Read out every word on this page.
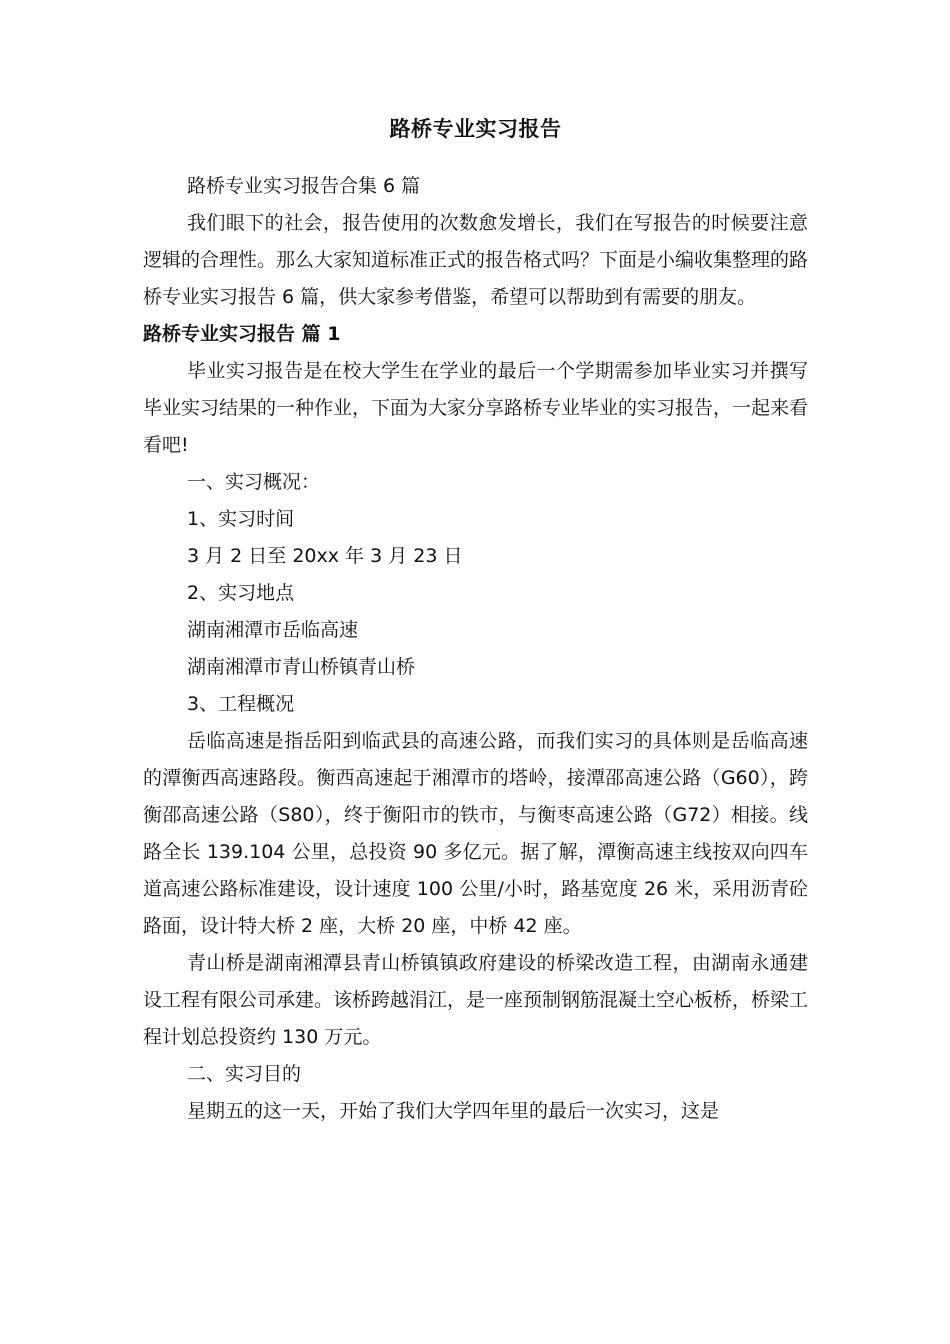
路桥专业实习报告

路桥专业实习报告合集 6 篇

我们眼下的社会，报告使用的次数愈发增长，我们在写报告的时候要注意逻辑的合理性。那么大家知道标准正式的报告格式吗？下面是小编收集整理的路桥专业实习报告 6 篇，供大家参考借鉴，希望可以帮助到有需要的朋友。

路桥专业实习报告 篇 1

毕业实习报告是在校大学生在学业的最后一个学期需参加毕业实习并撰写毕业实习结果的一种作业，下面为大家分享路桥专业毕业的实习报告，一起来看看吧!

一、实习概况：

1、实习时间

3 月 2 日至 20xx 年 3 月 23 日

2、实习地点

湖南湘潭市岳临高速

湖南湘潭市青山桥镇青山桥

3、工程概况

岳临高速是指岳阳到临武县的高速公路，而我们实习的具体则是岳临高速的潭衡西高速路段。衡西高速起于湘潭市的塔岭，接潭邵高速公路（G60），跨衡邵高速公路（S80），终于衡阳市的铁市，与衡枣高速公路（G72）相接。线路全长 139.104 公里，总投资 90 多亿元。据了解，潭衡高速主线按双向四车道高速公路标准建设，设计速度 100 公里/小时，路基宽度 26 米，采用沥青砼路面，设计特大桥 2 座，大桥 20 座，中桥 42 座。

青山桥是湖南湘潭县青山桥镇镇政府建设的桥梁改造工程，由湖南永通建设工程有限公司承建。该桥跨越涓江，是一座预制钢筋混凝土空心板桥，桥梁工程计划总投资约 130 万元。

二、实习目的

星期五的这一天，开始了我们大学四年里的最后一次实习，这是
